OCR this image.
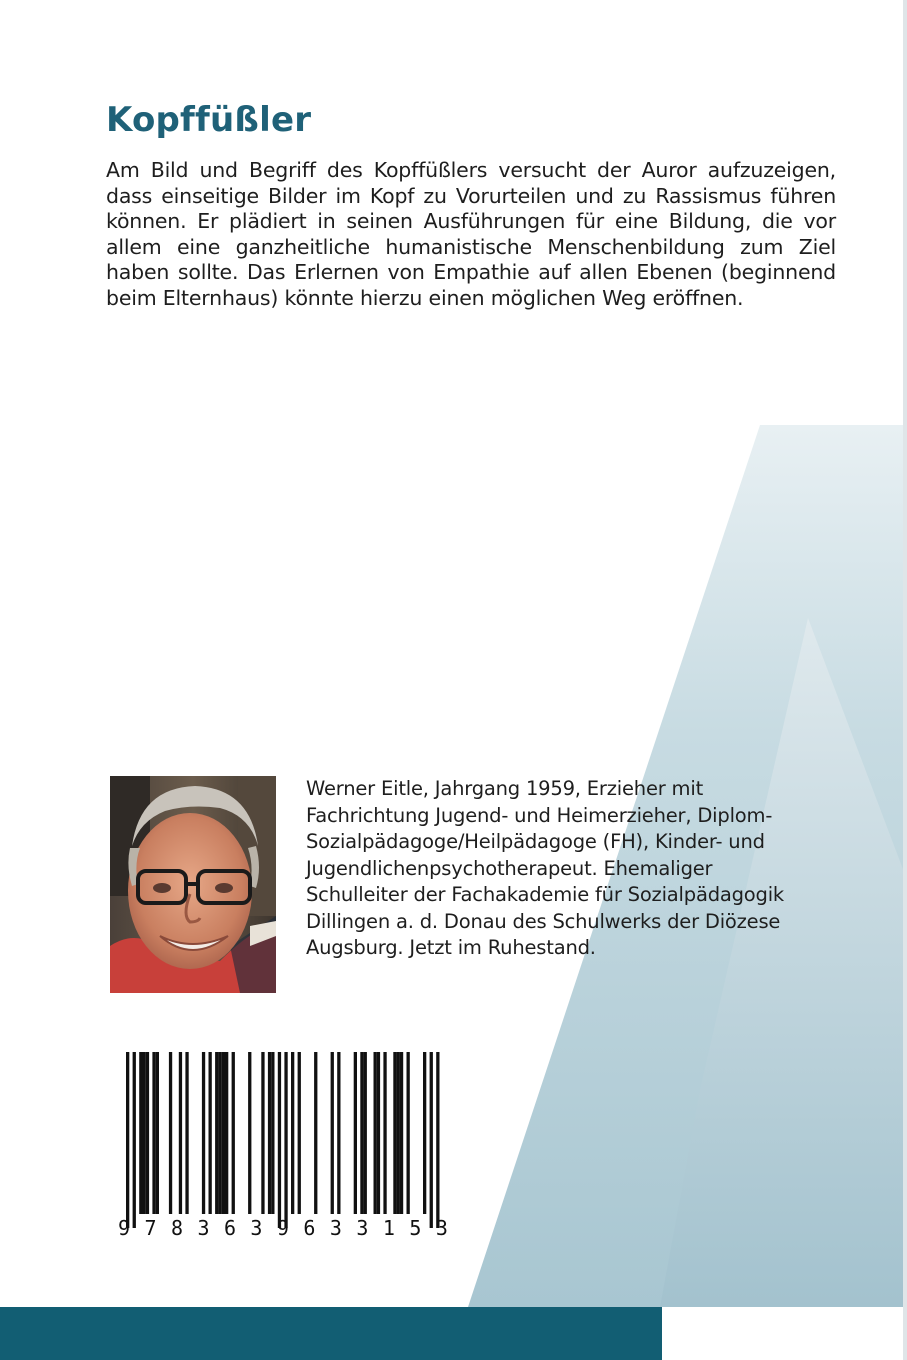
Kopffüßler

Am Bild und Begriff des Kopffüßlers versucht der Auror aufzuzeigen, dass einseitige Bilder im Kopf zu Vorurteilen und zu Rassismus führen können. Er plädiert in seinen Ausführungen für eine Bildung, die vor allem eine ganzheitliche humanistische Menschenbildung zum Ziel haben sollte. Das Erlernen von Empathie auf allen Ebenen (beginnend beim Elternhaus) könnte hierzu einen möglichen Weg eröffnen.

Werner Eitle, Jahrgang 1959, Erzieher mit Fachrichtung Jugend- und Heimerzieher, Diplom-Sozialpädagoge/Heilpädagoge (FH), Kinder- und Jugendlichenpsychotherapeut. Ehemaliger Schulleiter der Fachakademie für Sozialpädagogik Dillingen a. d. Donau des Schulwerks der Diözese Augsburg. Jetzt im Ruhestand.

9 7 8 3 6 3 9 6 3 3 1 5 3
